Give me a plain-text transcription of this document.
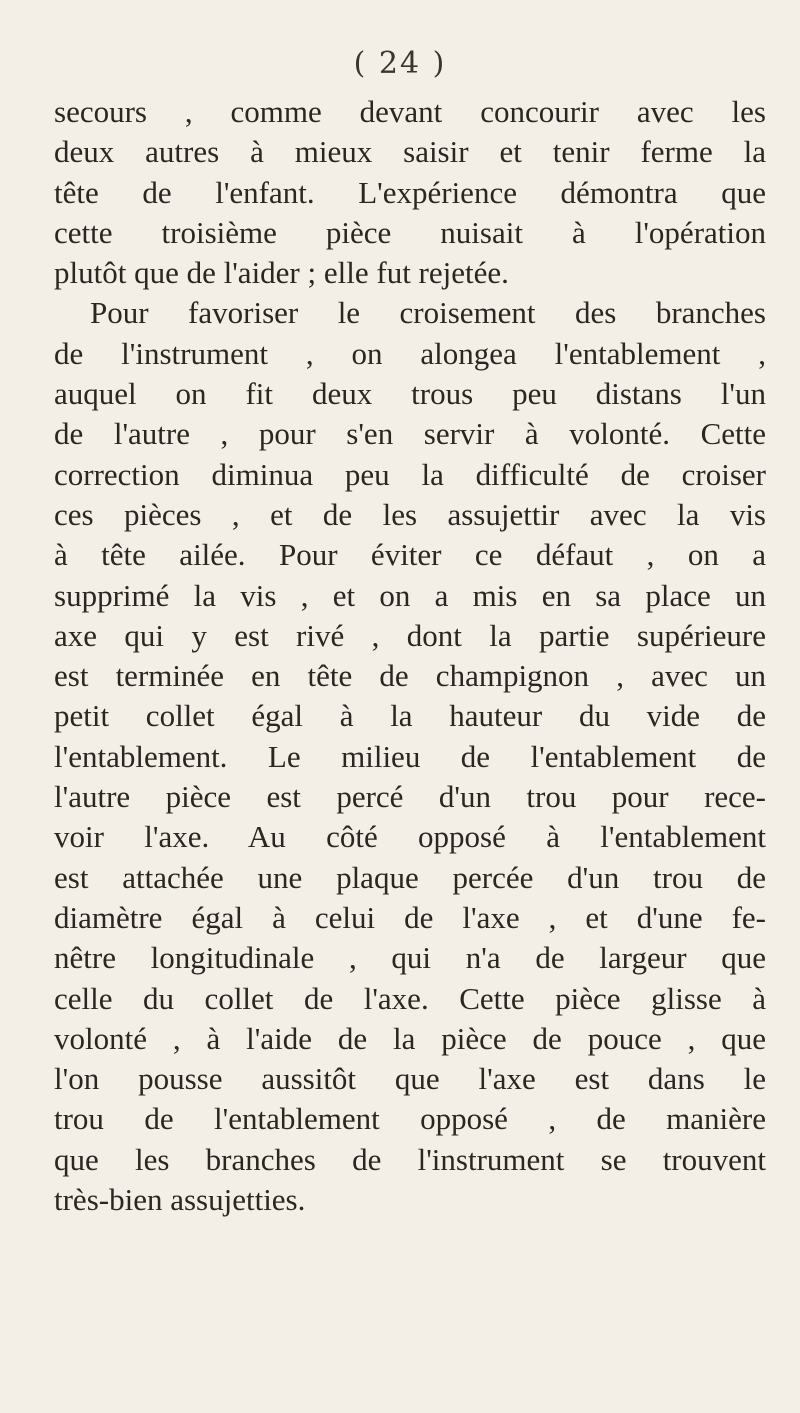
( 24 )
secours , comme devant concourir avec les
deux autres à mieux saisir et tenir ferme la
tête de l'enfant. L'expérience démontra que
cette troisième pièce nuisait à l'opération
plutôt que de l'aider ; elle fut rejetée.
Pour favoriser le croisement des branches
de l'instrument , on alongea l'entablement ,
auquel on fit deux trous peu distans l'un
de l'autre , pour s'en servir à volonté. Cette
correction diminua peu la difficulté de croiser
ces pièces , et de les assujettir avec la vis
à tête ailée. Pour éviter ce défaut , on a
supprimé la vis , et on a mis en sa place un
axe qui y est rivé , dont la partie supérieure
est terminée en tête de champignon , avec un
petit collet égal à la hauteur du vide de
l'entablement. Le milieu de l'entablement de
l'autre pièce est percé d'un trou pour rece-
voir l'axe. Au côté opposé à l'entablement
est attachée une plaque percée d'un trou de
diamètre égal à celui de l'axe , et d'une fe-
nêtre longitudinale , qui n'a de largeur que
celle du collet de l'axe. Cette pièce glisse à
volonté , à l'aide de la pièce de pouce , que
l'on pousse aussitôt que l'axe est dans le
trou de l'entablement opposé , de manière
que les branches de l'instrument se trouvent
très-bien assujetties.
